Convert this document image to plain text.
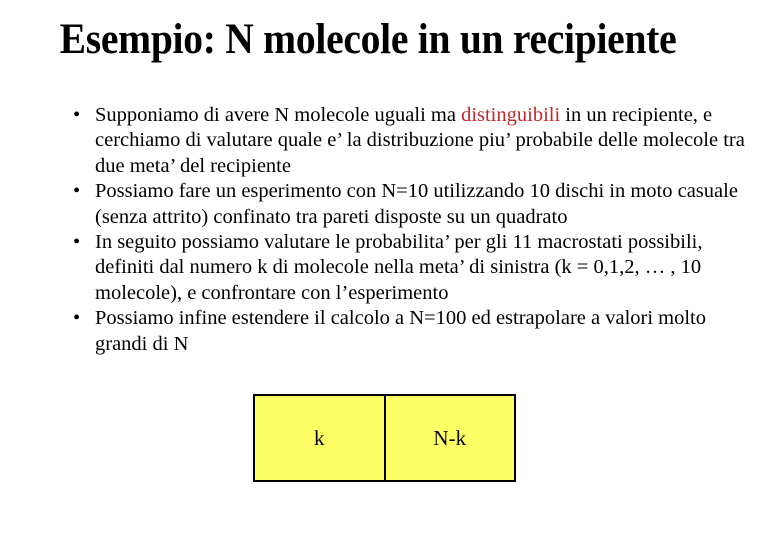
Esempio: N molecole in un recipiente
• Supponiamo di avere N molecole uguali ma distinguibili in un recipiente, e cerchiamo di valutare quale e’ la distribuzione piu’ probabile delle molecole tra due meta’ del recipiente
• Possiamo fare un esperimento con N=10 utilizzando 10 dischi in moto casuale (senza attrito) confinato tra pareti disposte su un quadrato
• In seguito possiamo valutare le probabilita’ per gli 11 macrostati possibili, definiti dal numero k di molecole nella meta’ di sinistra (k = 0,1,2, … , 10 molecole), e confrontare con l’esperimento
• Possiamo infine estendere il calcolo a N=100 ed estrapolare a valori molto grandi di N
k	N-k
